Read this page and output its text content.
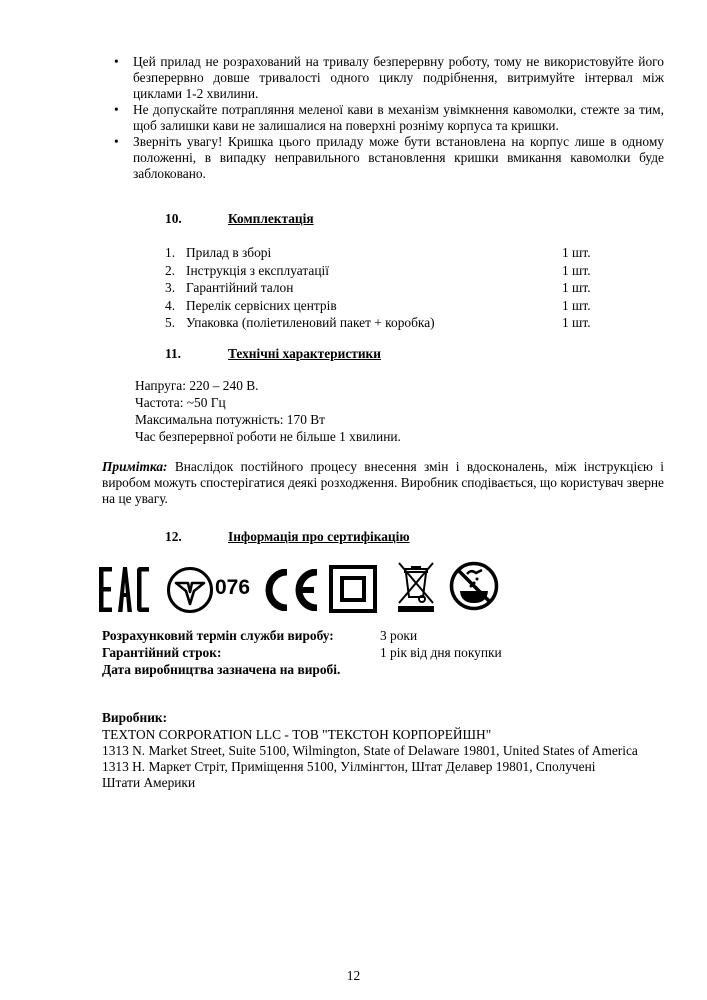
• Цей прилад не розрахований на тривалу безперервну роботу, тому не використовуйте його безперервно довше тривалості одного циклу подрібнення, витримуйте інтервал між циклами 1-2 хвилини.
• Не допускайте потрапляння меленої кави в механізм увімкнення кавомолки, стежте за тим, щоб залишки кави не залишалися на поверхні розніму корпуса та кришки.
• Зверніть увагу! Кришка цього приладу може бути встановлена на корпус лише в одному положенні, в випадку неправильного встановлення кришки вмикання кавомолки буде заблоковано.
10.	Комплектація
1. Прилад в зборі	1 шт.
2. Інструкція з експлуатації	1 шт.
3. Гарантійний талон	1 шт.
4. Перелік сервісних центрів	1 шт.
5. Упаковка (поліетиленовий пакет + коробка)	1 шт.
11.	Технічні характеристики
Напруга: 220 – 240 В.
Частота: ~50 Гц
Максимальна потужність: 170 Вт
Час безперервної роботи не більше 1 хвилини.
Примітка: Внаслідок постійного процесу внесення змін і вдосконалень, між інструкцією і виробом можуть спостерігатися деякі розходження. Виробник сподівається, що користувач зверне на це увагу.
12.	Інформація про сертифікацію
076
Розрахунковий термін служби виробу:	3 роки
Гарантійний строк:	1 рік від дня покупки
Дата виробництва зазначена на виробі.
Виробник:
TEXTON CORPORATION LLC - ТОВ "ТЕКСТОН КОРПОРЕЙШН"
1313 N. Market Street, Suite 5100, Wilmington, State of Delaware 19801, United States of America
1313 Н. Маркет Стріт, Приміщення 5100, Уілмінгтон, Штат Делавер 19801, Сполучені Штати Америки
12
